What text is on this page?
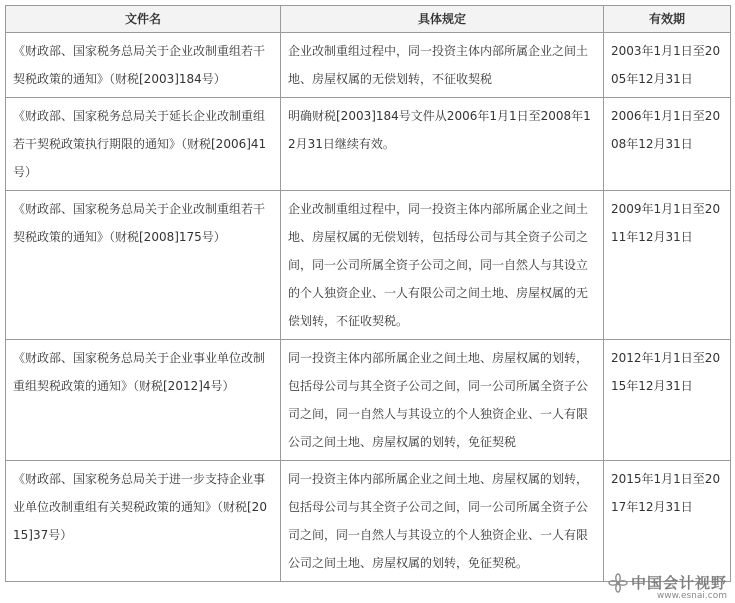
文件名	具体规定	有效期
《财政部、国家税务总局关于企业改制重组若干契税政策的通知》（财税[2003]184号）	企业改制重组过程中，同一投资主体内部所属企业之间土地、房屋权属的无偿划转，不征收契税	2003年1月1日至2005年12月31日
《财政部、国家税务总局关于延长企业改制重组若干契税政策执行期限的通知》（财税[2006]41号）	明确财税[2003]184号文件从2006年1月1日至2008年12月31日继续有效。	2006年1月1日至2008年12月31日
《财政部、国家税务总局关于企业改制重组若干契税政策的通知》（财税[2008]175号）	企业改制重组过程中，同一投资主体内部所属企业之间土地、房屋权属的无偿划转，包括母公司与其全资子公司之间，同一公司所属全资子公司之间，同一自然人与其设立的个人独资企业、一人有限公司之间土地、房屋权属的无偿划转，不征收契税。	2009年1月1日至2011年12月31日
《财政部、国家税务总局关于企业事业单位改制重组契税政策的通知》（财税[2012]4号）	同一投资主体内部所属企业之间土地、房屋权属的划转，包括母公司与其全资子公司之间，同一公司所属全资子公司之间，同一自然人与其设立的个人独资企业、一人有限公司之间土地、房屋权属的划转，免征契税	2012年1月1日至2015年12月31日
《财政部、国家税务总局关于进一步支持企业事业单位改制重组有关契税政策的通知》（财税[2015]37号）	同一投资主体内部所属企业之间土地、房屋权属的划转，包括母公司与其全资子公司之间，同一公司所属全资子公司之间，同一自然人与其设立的个人独资企业、一人有限公司之间土地、房屋权属的划转，免征契税。	2015年1月1日至2017年12月31日
中国会计视野
www.esnai.com
